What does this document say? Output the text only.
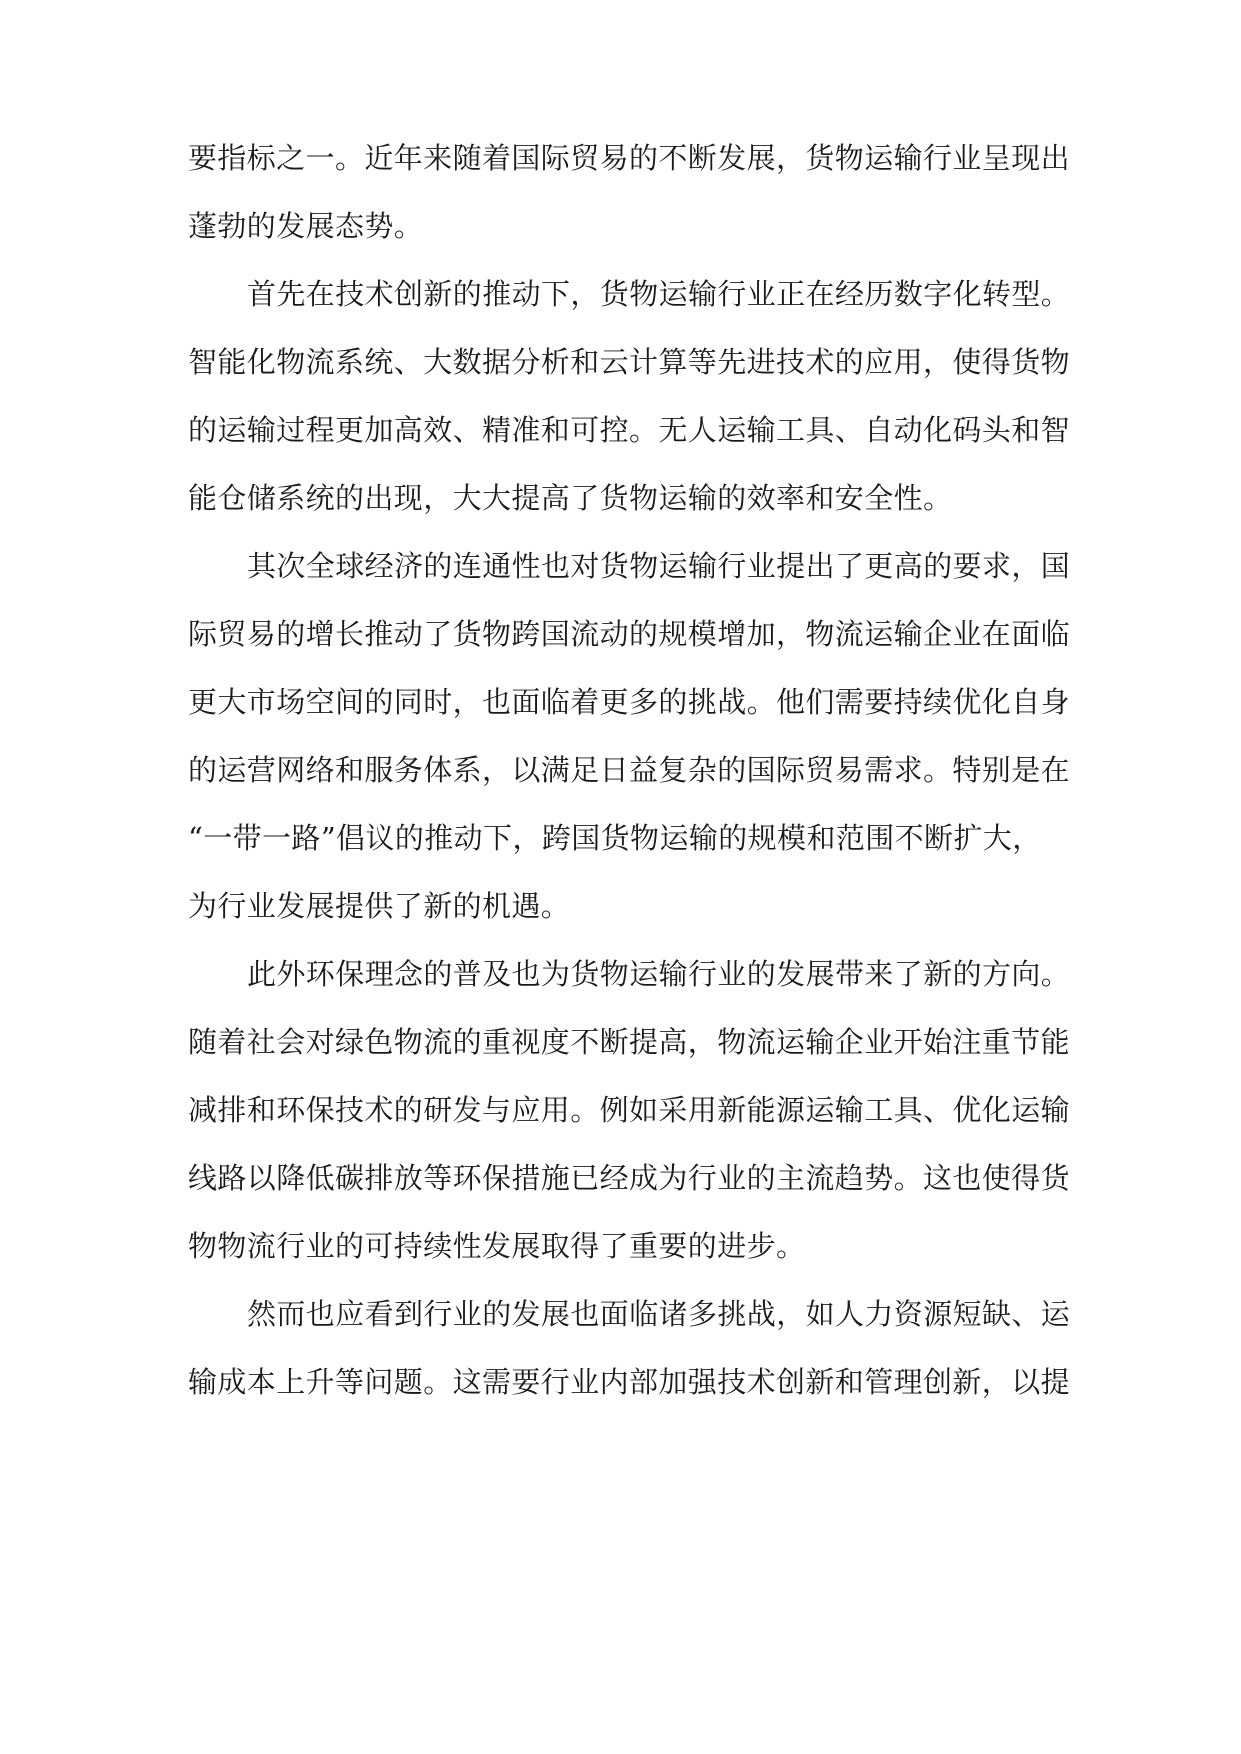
要指标之一。近年来随着国际贸易的不断发展，货物运输行业呈现出
蓬勃的发展态势。
首先在技术创新的推动下，货物运输行业正在经历数字化转型。
智能化物流系统、大数据分析和云计算等先进技术的应用，使得货物
的运输过程更加高效、精准和可控。无人运输工具、自动化码头和智
能仓储系统的出现，大大提高了货物运输的效率和安全性。
其次全球经济的连通性也对货物运输行业提出了更高的要求，国
际贸易的增长推动了货物跨国流动的规模增加，物流运输企业在面临
更大市场空间的同时，也面临着更多的挑战。他们需要持续优化自身
的运营网络和服务体系，以满足日益复杂的国际贸易需求。特别是在
“一带一路”倡议的推动下，跨国货物运输的规模和范围不断扩大，
为行业发展提供了新的机遇。
此外环保理念的普及也为货物运输行业的发展带来了新的方向。
随着社会对绿色物流的重视度不断提高，物流运输企业开始注重节能
减排和环保技术的研发与应用。例如采用新能源运输工具、优化运输
线路以降低碳排放等环保措施已经成为行业的主流趋势。这也使得货
物物流行业的可持续性发展取得了重要的进步。
然而也应看到行业的发展也面临诸多挑战，如人力资源短缺、运
输成本上升等问题。这需要行业内部加强技术创新和管理创新，以提
